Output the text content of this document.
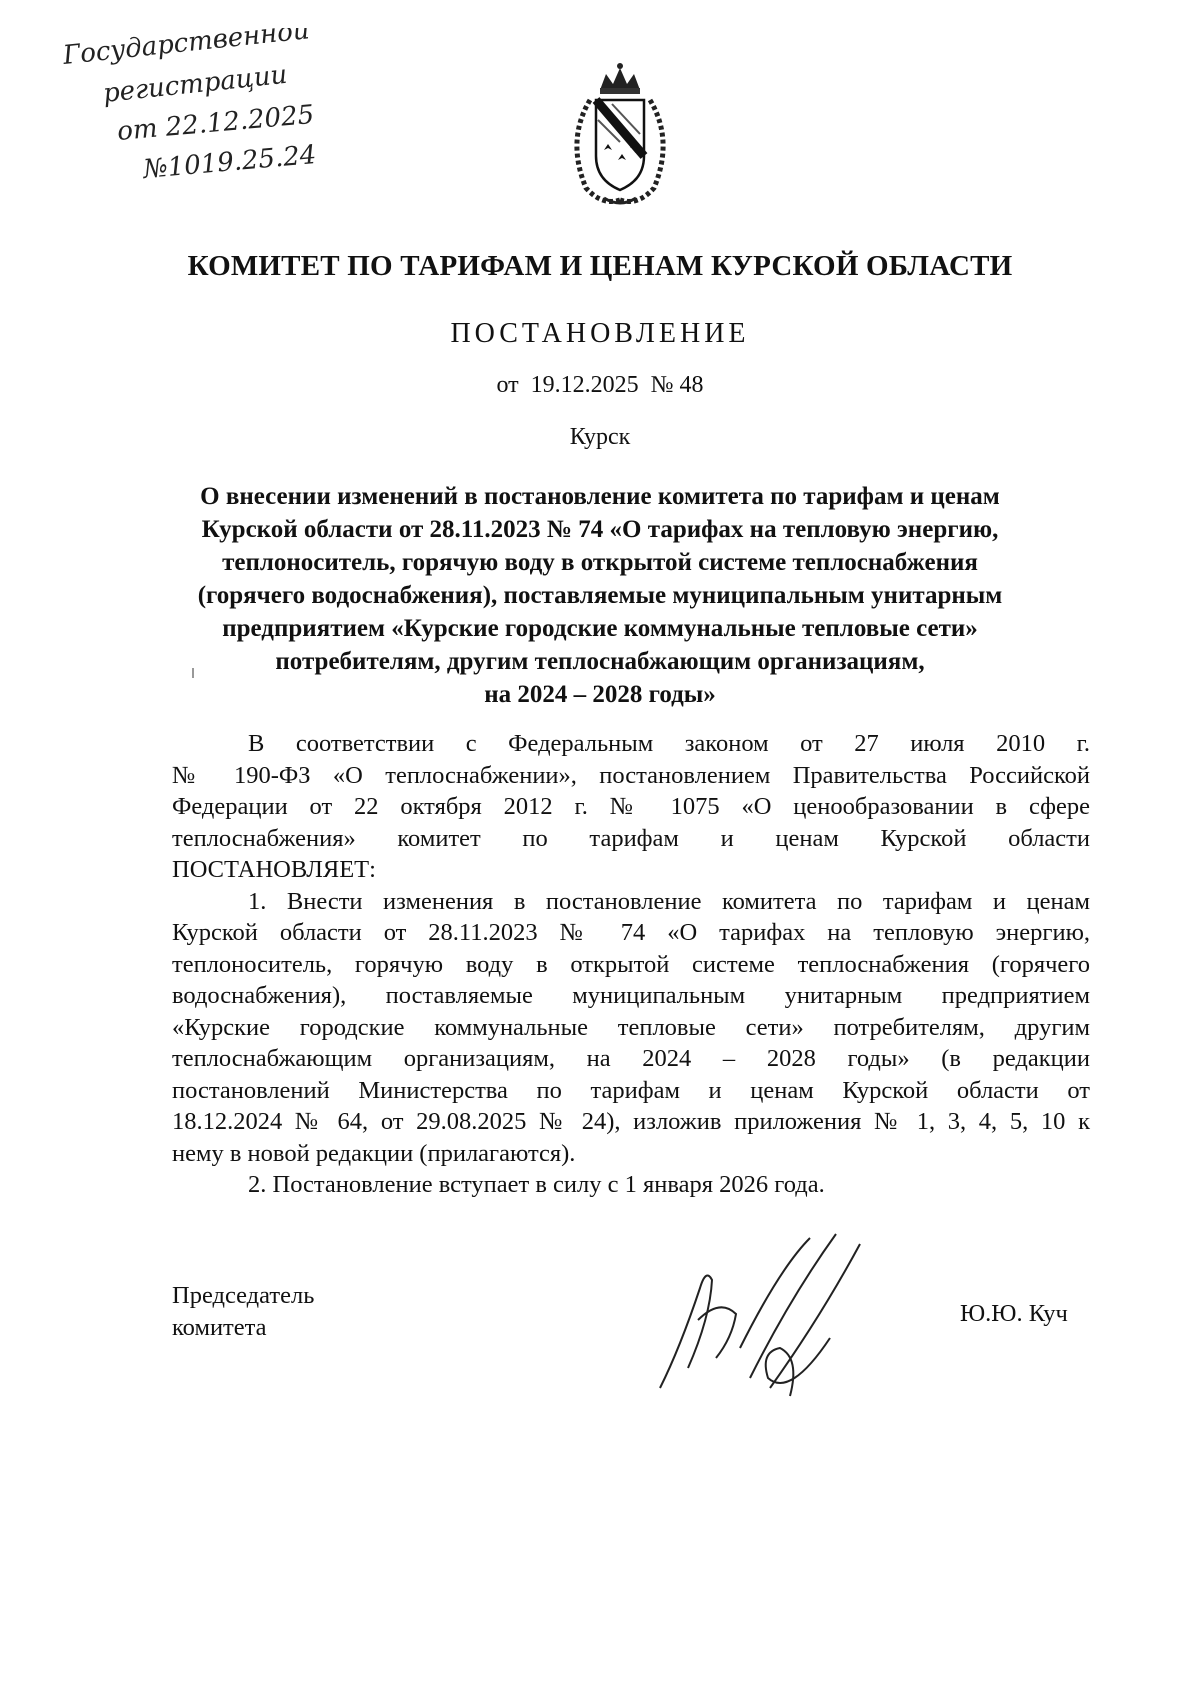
Государственной
регистрации
от 22.12.2025
№1019.25.24
КОМИТЕТ ПО ТАРИФАМ И ЦЕНАМ КУРСКОЙ ОБЛАСТИ
ПОСТАНОВЛЕНИЕ
от 19.12.2025 № 48
Курск
О внесении изменений в постановление комитета по тарифам и ценам
Курской области от 28.11.2023 № 74 «О тарифах на тепловую энергию,
теплоноситель, горячую воду в открытой системе теплоснабжения
(горячего водоснабжения), поставляемые муниципальным унитарным
предприятием «Курские городские коммунальные тепловые сети»
потребителям, другим теплоснабжающим организациям,
на 2024 – 2028 годы»
В соответствии с Федеральным законом от 27 июля 2010 г.
№ 190-ФЗ «О теплоснабжении», постановлением Правительства Российской
Федерации от 22 октября 2012 г. № 1075 «О ценообразовании в сфере
теплоснабжения» комитет по тарифам и ценам Курской области
ПОСТАНОВЛЯЕТ:
1. Внести изменения в постановление комитета по тарифам и ценам
Курской области от 28.11.2023 № 74 «О тарифах на тепловую энергию,
теплоноситель, горячую воду в открытой системе теплоснабжения (горячего
водоснабжения), поставляемые муниципальным унитарным предприятием
«Курские городские коммунальные тепловые сети» потребителям, другим
теплоснабжающим организациям, на 2024 – 2028 годы» (в редакции
постановлений Министерства по тарифам и ценам Курской области от
18.12.2024 № 64, от 29.08.2025 № 24), изложив приложения № 1, 3, 4, 5, 10 к
нему в новой редакции (прилагаются).
2. Постановление вступает в силу с 1 января 2026 года.
Председатель
комитета
Ю.Ю. Куч
